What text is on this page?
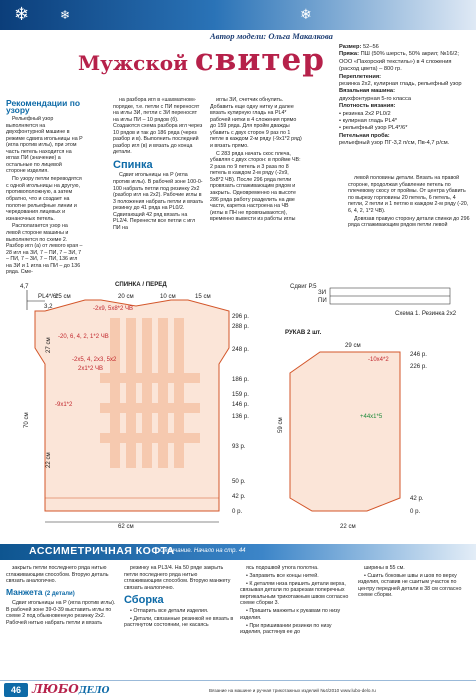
❄	❄	❄
Автор модели: Ольга Макалкова
Мужской свитер
Рекомендации по узору

Рельефный узор выполняется на двухфонтурной машине в режиме сдвига игольницы на Р (игла против иглы), при этом часть петель находится на иглах ПИ (значение) а остальные по лицевой стороне изделия.

По узору петли переводятся с одной игольницы на другую, противоположную, а затем обратно, что и создает на полотне рельефные линии и чередования лицевых и изнаночных петель.

Располагается узор на левой стороне машины и выполняется по схеме 2. Разбор игл (а) от левого края – 28 игл на ЗИ, 7 – ПИ, 7 – ЗИ, 7 – ПИ, 7 – ЗИ, 7 – ПИ, 136 игл на ЗИ и 1 игла на ПИ – до 136 ряда. Сме-

на разбора игл в «шахматном» порядке, т.е. петли с ПИ переносят на иглы ЗИ, петли с ЗИ переносят на иглы ПИ – 10 рядов (б). Создаются схема разбора игл через 10 рядов и так до 186 ряда (через разбор и в). Выполнить последний разбор игл (в) и вязать до конца детали.

Спинка

Сдвиг игольницы на Р (игла против иглы). В рабочей зоне 100-0-100 набрать петли под резинку 2х2 (разбор игл на 2х2). Рабочие иглы в 3 положения набрать петли и вязать резинку до 41 ряда на PL0/2. Сдвигающий 42 ряд вязать на PL2/4. Перенести все петли с игл ПИ на

иглы ЗИ, счетчик обнулить. Добавить еще одну нитку и далее вязать кулирную гладь на PL4* рабочей нитки в 4 сложения прямо до 159 ряда. Для пройм дважды убавить с двух сторон 9 раз по 1 петле в каждом 2-м ряду (-9х1*2 ряд) и вязать прямо.

С 283 ряда начать скос плеча, убавляя с двух сторон: в пройме ЧВ: 2 раза по 9 петель и 3 раза по 8 петель в каждом 2-м ряду (-2х9, 5х8*2 ЧВ). После 296 ряда петли провязать сглаживающим рядом и закрыть. Одновременно на высоте 286 ряда работу разделить на две части, каретка настроена на ЧВ (иглы в ПН не провязываются), временно вывести из работы иглы

левой половины детали. Вязать на правой стороне, продолжая убавление петель по плечевому скосу от проймы. От центра убавить по вырезу горловины 20 петель, 6 петель, 4 петли, 2 петли и 1 петлю в каждом 2-м ряду (-20, 6, 4, 2, 1*2 ЧВ).

Довязав правую сторону детали спинки до 296 ряда сглаживающим рядом петли левой

Размер: 52–56
Пряжа: ПШ (50% шерсть, 50% акрил; №16/2; ООО «Пахорский текстиль») в 4 сложения (расход цвета) – 800 гр.
Переплетения:
резинка 2х2, кулирная гладь, рельефный узор
Вязальная машина:
двухфонтурная 5-го класса
Плотность вязания:
• резинка 2х2 PL0/2
• кулирная гладь PL4*
• рельефный узор PL4*/6*
Петельная проба:
рельефный узор ПГ-3,2 п/см, Пв-4,7 р/см.
4,7
PL4*/6*
3,2
СПИНКА / ПЕРЕД
296 р.
288 р.
248 р.
186 р.
159 р.
146 р.
136 р.
93 р.
50 р.
42 р.
0 р.
-2х9, 5х8*2 ЧВ
-20, 6, 4, 2, 1*2 ЧВ
-2х5, 4, 2х3, 5х2
2х1*2 ЧВ
-9х1*2
15 см	20 см	10 см	15 см
62 см
70 см
27 см
22 см
Сдвиг Р.5
ЗИ
ПИ
Схема 1. Резинка 2х2
РУКАВ 2 шт.
29 см
22 см
-10х4*2
+44х1*5
246 р.
226 р.
42 р.
0 р.
59 см
АССИМЕТРИЧНАЯ КОФТА
Окончание. Начало на стр. 44

закрыть петли последнего ряда нитью сглаживающим способом. Вторую деталь связать аналогично.

Манжета (2 детали)

Сдвиг игольницы на Р (игла против иглы). В рабочей зоне 39-0-39 выставить иглы по схеме 2 под обыкновенную резинку 2х2. Рабочей нитью набрать петли и вязать

резинку на PL3/4. На 50 ряде закрыть петли последнего ряда нитью сглаживающим способом. Вторую манжету связать аналогично.

Сборка

• Отпарить все детали изделия.

• Детали, связанные резинкой не вязать в растянутом состоянии, не касаясь

ясь подошвой утюга полотна.

• Заправить все концы нитей.

• К деталям низа пришить детали верха, связывая детали по разрезам поперечных вертикальным трикотажным швом согласно схеме сборки 3.

• Пришить манжеты к рукавам по низу изделия.

• При пришивании резинки по низу изделия, растянув ее до

ширины в 55 см.

• Сшить боковые швы и шов по верху изделия, оставив не сшитым участок по центру передней детали в 38 см согласно схеме сборки.

46 ЛЮБОДЕЛО	Вязание на машине и ручная трикотажных изделий №4/2010 www.lubo-delo.ru
